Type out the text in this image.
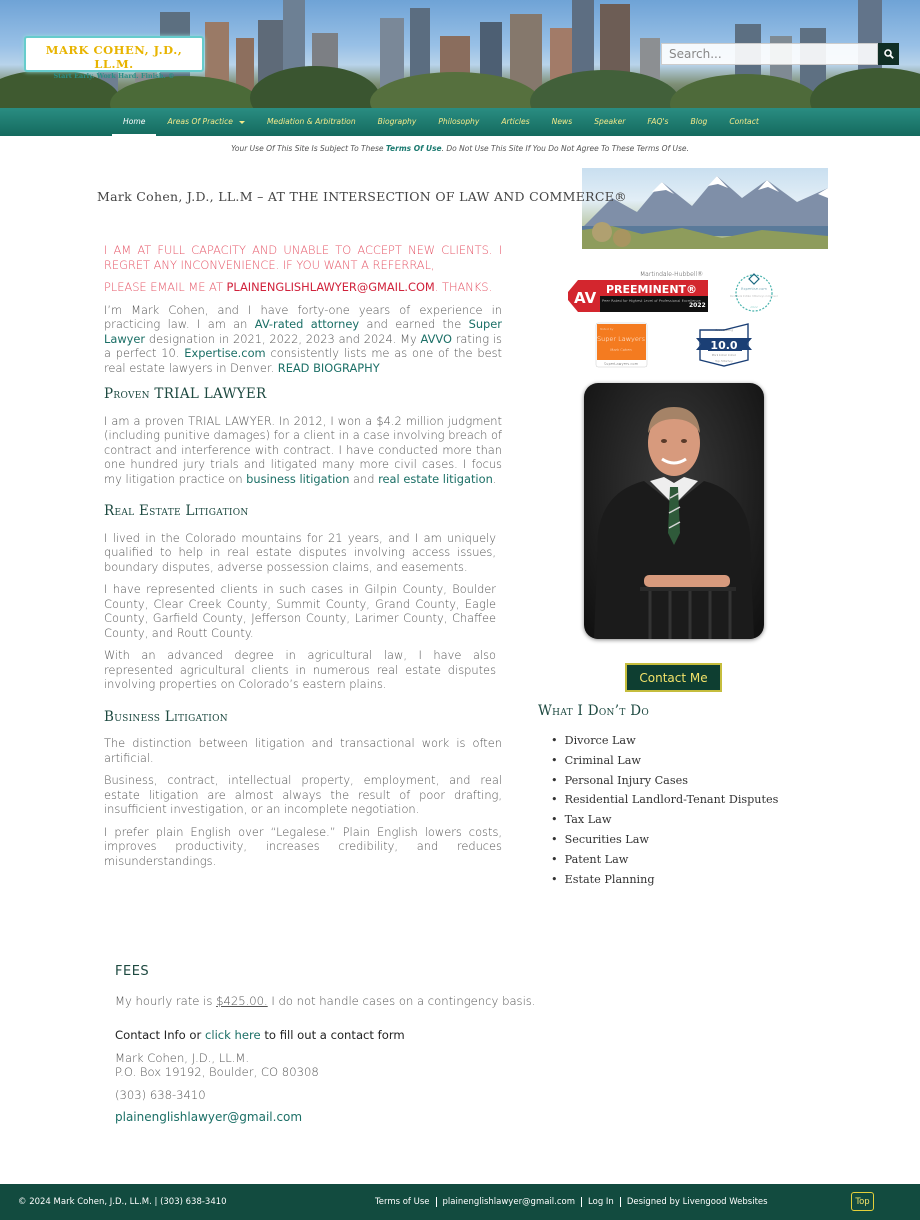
MARK COHEN, J.D., LL.M.
Start Early. Work Hard. Finish. ®
Search...
Home	Areas Of Practice	Mediation & Arbitration	Biography	Philosophy	Articles	News	Speaker	FAQ's	Blog	Contact
Your Use Of This Site Is Subject To These Terms Of Use. Do Not Use This Site If You Do Not Agree To These Terms Of Use.
Mark Cohen, J.D., LL.M – AT THE INTERSECTION OF LAW AND COMMERCE®

I AM AT FULL CAPACITY AND UNABLE TO ACCEPT NEW CLIENTS. I REGRET ANY INCONVENIENCE. IF YOU WANT A REFERRAL,

PLEASE EMAIL ME AT PLAINENGLISHLAWYER@GMAIL.COM. THANKS.

I’m Mark Cohen, and I have forty-one years of experience in practicing law. I am an AV-rated attorney and earned the Super Lawyer designation in 2021, 2022, 2023 and 2024. My AVVO rating is a perfect 10. Expertise.com consistently lists me as one of the best real estate lawyers in Denver. READ BIOGRAPHY

Proven TRIAL LAWYER

I am a proven TRIAL LAWYER. In 2012, I won a $4.2 million judgment (including punitive damages) for a client in a case involving breach of contract and interference with contract. I have conducted more than one hundred jury trials and litigated many more civil cases. I focus my litigation practice on business litigation and real estate litigation.

Real Estate Litigation

I lived in the Colorado mountains for 21 years, and I am uniquely qualified to help in real estate disputes involving access issues, boundary disputes, adverse possession claims, and easements.

I have represented clients in such cases in Gilpin County, Boulder County, Clear Creek County, Summit County, Grand County, Eagle County, Garfield County, Jefferson County, Larimer County, Chaffee County, and Routt County.

With an advanced degree in agricultural law, I have also represented agricultural clients in numerous real estate disputes involving properties on Colorado’s eastern plains.

Business Litigation

The distinction between litigation and transactional work is often artificial.

Business, contract, intellectual property, employment, and real estate litigation are almost always the result of poor drafting, insufficient investigation, or an incomplete negotiation.

I prefer plain English over “Legalese.” Plain English lowers costs, improves productivity, increases credibility, and reduces misunderstandings.

Martindale-Hubbell®
AV PREEMINENT®
Peer Rated for Highest Level of Professional Excellence
2022
Expertise.com
Best Real Estate Attorneys in Denver
2022
Rated by
Super Lawyers
Mark Cohen
SuperLawyers.com
Avvo Rating
10.0
Mark Cohen Cohen
Top Attorney
Contact Me
What I Don’t Do
• Divorce Law
• Criminal Law
• Personal Injury Cases
• Residential Landlord-Tenant Disputes
• Tax Law
• Securities Law
• Patent Law
• Estate Planning
FEES

My hourly rate is $425.00. I do not handle cases on a contingency basis.

Contact Info or click here to fill out a contact form

Mark Cohen, J.D., LL.M.
P.O. Box 19192, Boulder, CO 80308

(303) 638-3410

plainenglishlawyer@gmail.com

© 2024 Mark Cohen, J.D., LL.M. | (303) 638-3410	Terms of Use	plainenglishlawyer@gmail.com	Log In	Designed by Livengood Websites	Top
